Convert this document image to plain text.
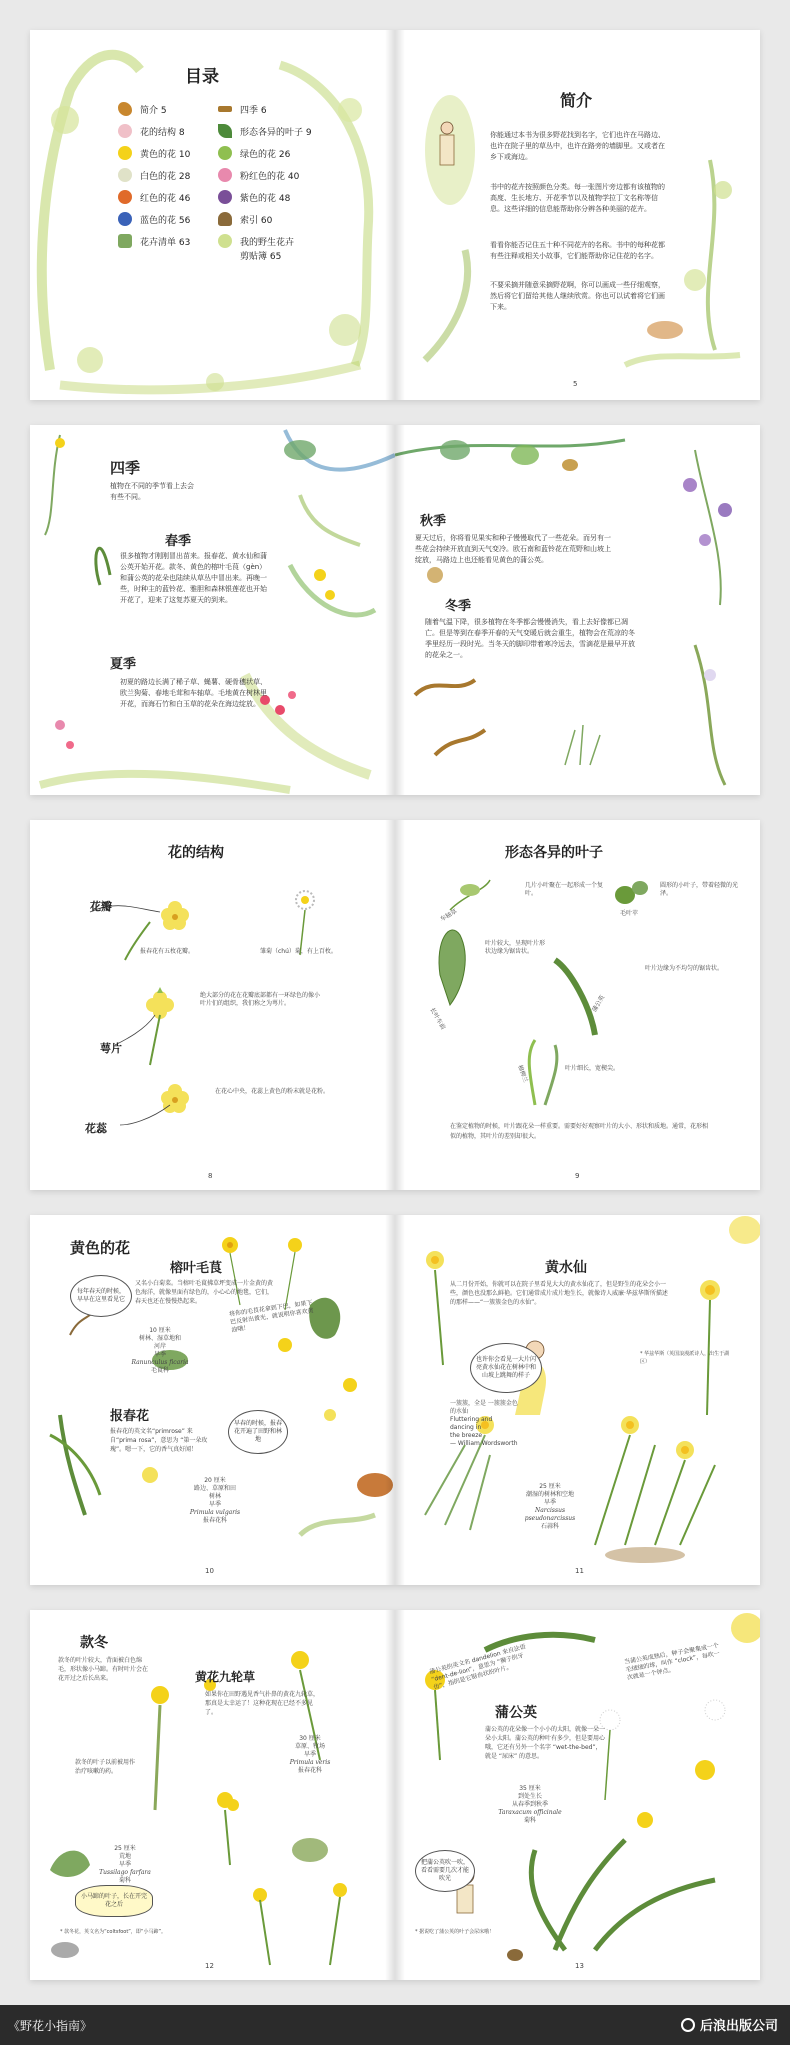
目录
简介 5
花的结构 8
黄色的花 10
白色的花 28
红色的花 46
蓝色的花 56
花卉清单 63
四季 6
形态各异的叶子 9
绿色的花 26
粉红色的花 40
紫色的花 48
索引 60
我的野生花卉
剪贴簿 65
简介
你能通过本书为很多野花找到名字，它们也许在马路边、也许在院子里的草丛中，也许在路旁的墙脚里。又或者在乡下或海边。
书中的花卉按照颜色分类。每一张图片旁边都有该植物的高度、生长地方、开花季节以及植物学拉丁文名称等信息。这些详细的信息能帮助你分辨各种美丽的花卉。
看看你能否记住五十种不同花卉的名称。书中的每种花都有些注释或相关小故事，它们能帮助你记住花的名字。
不要采摘并随意采摘野花啊，你可以画成一些仔细观察，然后将它们留给其他人继续欣赏。你也可以试着将它们画下来。
5
四季
植物在不同的季节看上去会
有些不同。
春季
很多植物才刚刚冒出苗来。报春花、黄水仙和蒲公英开始开花。款冬、黄色的榕叶毛茛（gèn）和蒲公英的花朵也陆续从草丛中冒出来。再晚一些，时种主的蓝铃花、雅胆和森林银莲花也开始开花了，迎来了这复苏夏天的到来。
夏季
初夏的路边长满了稀子草、蝇薯、硬骨穗状草、欧兰狗菊、春地毛茸和车轴草。毛地黄在树林里开花，而海石竹和白玉草的花朵在海边绽放。
秋季
夏天过后，你将看见果实和种子慢慢取代了一些花朵。而另有一些花会持续开放直到天气变冷。欧石南和蓝铃花在荒野和山坡上绽放，马路边上也还能看见黄色的蒲公英。
冬季
随着气温下降，很多植物在冬季都会慢慢消失，看上去好像都已凋亡。但是等到在春季开春的天气变暖后就会重生，植物会在荒凉的冬季里经历一段时光。当冬天的脚印带着寒冷远去，雪滴花是最早开放的花朵之一。
花的结构
花瓣
报春花有五枚花瓣。	雏菊（chú）菊，有上百枚。
绝大部分的花在花瓣底部都有一环绿色的像小叶片们的组织，我们称之为萼片。
萼片
在花心中央，花蕊上黄色的粉末就是花粉。
花蕊
8
形态各异的叶子
几片小叶聚在一起形成一个复叶。
圆形的小叶子，带着轻微的光泽。
叶片较大，呈现叶片形状边缘为锯齿状。
叶片边缘为不均匀的锯齿状。
叶片细长，宽楔尖。
车轴草	毛叶苹
长叶车前
蒲公英
棉柳兰
在鉴定植物的时候，叶片跟花朵一样重要。需要好好观察叶片的大小、形状和质地。通常，花形相似的植物，其叶片的差别却很大。
9
黄色的花
榕叶毛茛
又名小白菊菜。当榕叶毛茛拂草坪变成一片金黄的黄色海洋，就像里面有绿色的，小心心的地毯，它们，春天也还在慢慢热起来。
每年春天的时候，早早在这里看见它	将你的毛茛花拿到下巴，如果下巴反射出黄光，就说明你喜欢黄油哦！
10 厘米
树林、湿草地和
河岸
早季
Ranunculus ficaria
毛茛科
报春花
报春花的英文名“primrose” 来自“prima rosa”，意思为 “第一朵玫瑰”。嗯一下，它的香气真好闻！
早春的时候，报春花开遍了田野和林地
20 厘米
路边、草原和田
树林
早季
Primula vulgaris
报春花科
10
黄水仙
从二月份开始，你就可以在院子里看见大大的黄水仙花了，但是野生的花朵会小一些，颜色也没那么鲜艳。它们通常成片成片地生长，就像诗人威廉·华兹华斯所描述的那样——“一簇簇金色的水仙”。
也许你会看见一大片闪亮黄水仙花在树林中和山坡上跳舞的样子
一簇簇，全是 一簇簇金色
的水仙
Fluttering and
dancing in
the breeze
— William Wordsworth
* 华兹华斯（英国浪漫派诗人，出生于湖区）
25 厘米
潮湿的树林和空地
早季
Narcissus pseudonarcissus
石蒜科
11
款冬
款冬的叶片较大，背面被白色绵毛，形状像小马蹄。有时叶片会在花开过之后长出来。
款冬的叶子以前被用作治疗咳嗽的药。
25 厘米
荒地
早季
Tussilago farfara
菊科
小马蹄的叶子，长在开完花之后
* 款冬花，英文名为“coltsfoot”，即“小马蹄”。
黄花九轮草
如果你在田野遇见香气扑鼻的黄花九轮草，那真是太幸运了！这种花现在已经不多见了。
30 厘米
草原、牧场
早季
Primula veris
报春花科
12
蒲公英的英文名 dandelion 来自法语 “dent-de-lion”，意思为 “狮子的牙齿”，指的是它锯齿状的叶片。
当蒲公英成熟后，种子会聚集成一个毛绒绒的球，叫作 “clock”，每吹一次就是一个钟点。
蒲公英
蒲公英的花朵像一个小小的太阳，就像一朵一朵小太阳。蒲公英的种叶有多少，但是要用心哦，它还有另外一个名字 “wet-the-bed”，就是 “尿床” 的意思。
35 厘米
到处生长
从春季到秋季
Taraxacum officinale
菊科
把蒲公英吹一吹，看看需要几次才能吹光
* 据说吃了蒲公英的叶子会尿床哦！
13
《野花小指南》	后浪出版公司
